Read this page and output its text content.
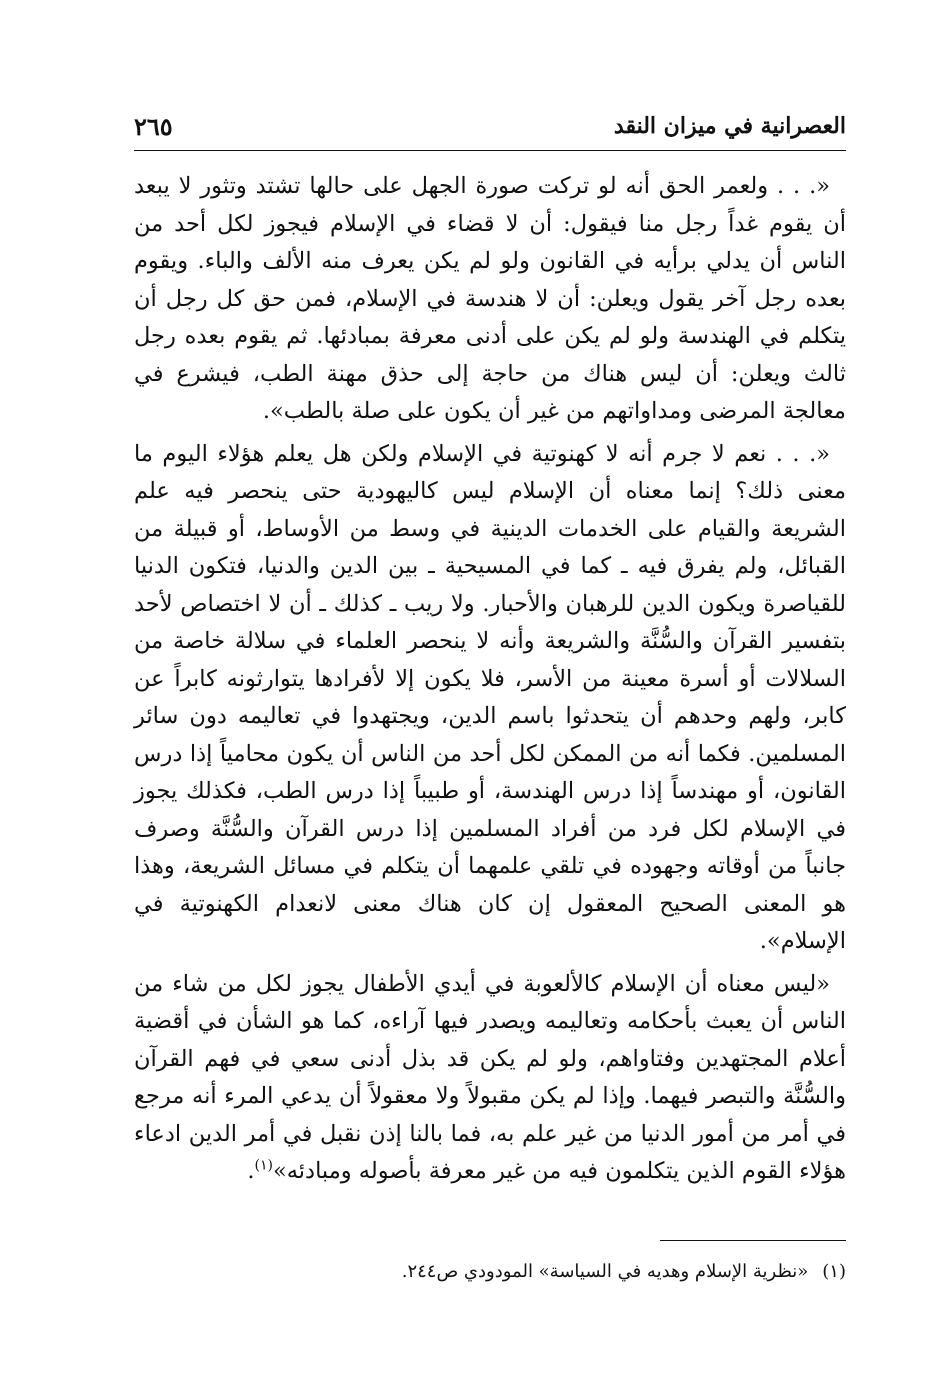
العصرانية في ميزان النقد
٢٦٥

«. . . ولعمر الحق أنه لو تركت صورة الجهل على حالها تشتد وتثور لا يبعد أن يقوم غداً رجل منا فيقول: أن لا قضاء في الإسلام فيجوز لكل أحد من الناس أن يدلي برأيه في القانون ولو لم يكن يعرف منه الألف والباء. ويقوم بعده رجل آخر يقول ويعلن: أن لا هندسة في الإسلام، فمن حق كل رجل أن يتكلم في الهندسة ولو لم يكن على أدنى معرفة بمبادئها. ثم يقوم بعده رجل ثالث ويعلن: أن ليس هناك من حاجة إلى حذق مهنة الطب، فيشرع في معالجة المرضى ومداواتهم من غير أن يكون على صلة بالطب».

«. . . نعم لا جرم أنه لا كهنوتية في الإسلام ولكن هل يعلم هؤلاء اليوم ما معنى ذلك؟ إنما معناه أن الإسلام ليس كاليهودية حتى ينحصر فيه علم الشريعة والقيام على الخدمات الدينية في وسط من الأوساط، أو قبيلة من القبائل، ولم يفرق فيه ـ كما في المسيحية ـ بين الدين والدنيا، فتكون الدنيا للقياصرة ويكون الدين للرهبان والأحبار. ولا ريب ـ كذلك ـ أن لا اختصاص لأحد بتفسير القرآن والسُّنَّة والشريعة وأنه لا ينحصر العلماء في سلالة خاصة من السلالات أو أسرة معينة من الأسر، فلا يكون إلا لأفرادها يتوارثونه كابراً عن كابر، ولهم وحدهم أن يتحدثوا باسم الدين، ويجتهدوا في تعاليمه دون سائر المسلمين. فكما أنه من الممكن لكل أحد من الناس أن يكون محامياً إذا درس القانون، أو مهندساً إذا درس الهندسة، أو طبيباً إذا درس الطب، فكذلك يجوز في الإسلام لكل فرد من أفراد المسلمين إذا درس القرآن والسُّنَّة وصرف جانباً من أوقاته وجهوده في تلقي علمهما أن يتكلم في مسائل الشريعة، وهذا هو المعنى الصحيح المعقول إن كان هناك معنى لانعدام الكهنوتية في الإسلام».

«ليس معناه أن الإسلام كالألعوبة في أيدي الأطفال يجوز لكل من شاء من الناس أن يعبث بأحكامه وتعاليمه ويصدر فيها آراءه، كما هو الشأن في أقضية أعلام المجتهدين وفتاواهم، ولو لم يكن قد بذل أدنى سعي في فهم القرآن والسُّنَّة والتبصر فيهما. وإذا لم يكن مقبولاً ولا معقولاً أن يدعي المرء أنه مرجع في أمر من أمور الدنيا من غير علم به، فما بالنا إذن نقبل في أمر الدين ادعاء هؤلاء القوم الذين يتكلمون فيه من غير معرفة بأصوله ومبادئه»$^{(١)}$.

(١)«نظرية الإسلام وهديه في السياسة» المودودي ص٢٤٤.
